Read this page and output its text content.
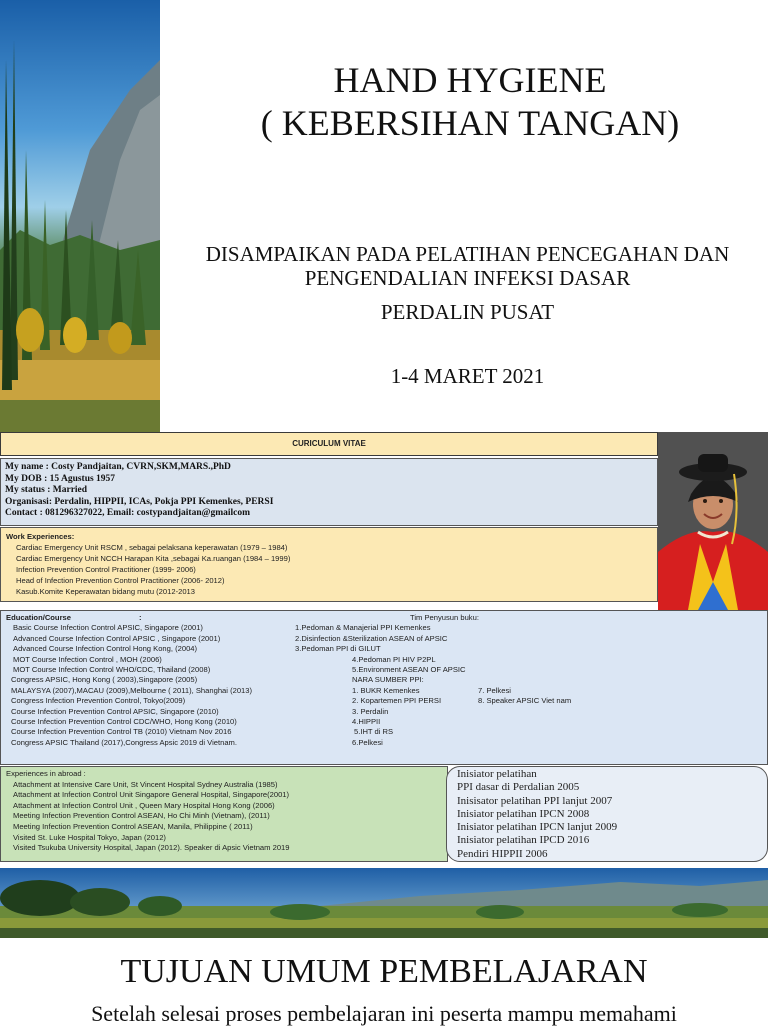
HAND HYGIENE
( KEBERSIHAN TANGAN)
DISAMPAIKAN PADA PELATIHAN PENCEGAHAN DAN
PENGENDALIAN INFEKSI DASAR
PERDALIN PUSAT
1-4 MARET 2021
CURICULUM VITAE
My name : Costy Pandjaitan, CVRN,SKM,MARS.,PhD
My DOB : 15 Agustus 1957
My status : Married
Organisasi: Perdalin, HIPPII, ICAs, Pokja PPI Kemenkes, PERSI
Contact : 081296327022, Email: costypandjaitan@gmailcom
Work Experiences:
Cardiac Emergency Unit RSCM , sebagai pelaksana keperawatan (1979 – 1984)
Cardiac Emergency Unit NCCH Harapan Kita ,sebagai Ka.ruangan (1984 – 1999)
Infection Prevention Control Practitioner (1999- 2006)
Head of Infection Prevention Control Practitioner (2006- 2012)
Kasub.Komite Keperawatan bidang mutu (2012-2013
Education/Course	:
Basic Course Infection Control APSIC, Singapore (2001)
Advanced Course Infection Control APSIC , Singapore (2001)
Advanced Course Infection Control Hong Kong, (2004)
MOT Course Infection Control , MOH (2006)
MOT Course Infection Control WHO/CDC, Thailand (2008)
Congress APSIC, Hong Kong ( 2003),Singapore (2005)
MALAYSYA (2007),MACAU (2009),Melbourne ( 2011), Shanghai (2013)
Congress Infection Prevention Control, Tokyo(2009)
Course Infection Prevention Control APSIC, Singapore (2010)
Course Infection Prevention Control CDC/WHO, Hong Kong (2010)
Course Infection Prevention Control TB (2010) Vietnam Nov 2016
Congress APSIC Thailand (2017),Congress Apsic 2019 di Vietnam.
Tim Penyusun buku:
1.Pedoman & Manajerial PPI Kemenkes
2.Disinfection &Sterilization ASEAN of APSIC
3.Pedoman PPI di GILUT
4.Pedoman PI HIV P2PL
5.Environment ASEAN OF APSIC
NARA SUMBER PPI:
1. BUKR Kemenkes
2. Kopartemen PPI PERSI
3. Perdalin
4.HIPPII
5.IHT di RS
6.Pelkesi
7. Pelkesi
8. Speaker APSIC Viet nam
Experiences in abroad :
Attachment at Intensive Care Unit, St Vincent Hospital Sydney Australia (1985)
Attachment at Infection Control Unit Singapore General Hospital, Singapore(2001)
Attachment at Infection Control Unit , Queen Mary Hospital Hong Kong (2006)
Meeting Infection Prevention Control ASEAN, Ho Chi Minh (Vietnam), (2011)
Meeting Infection Prevention Control ASEAN, Manila, Philippine ( 2011)
Visited St. Luke Hospital Tokyo, Japan (2012)
Visited Tsukuba University Hospital, Japan (2012). Speaker di Apsic Vietnam 2019
Inisiator pelatihan
PPI dasar di Perdalian 2005
Inisisator pelatihan PPI lanjut 2007
Inisiator pelatihan IPCN 2008
Inisiator pelatihan IPCN lanjut 2009
Inisiator pelatihan IPCD 2016
Pendiri HIPPII 2006
TUJUAN UMUM PEMBELAJARAN
Setelah selesai proses pembelajaran ini peserta mampu memahami
